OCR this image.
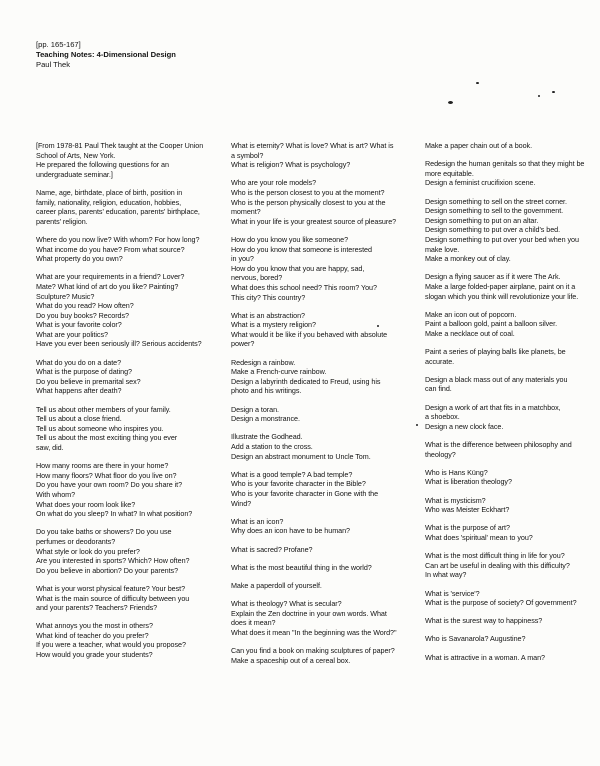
[pp. 165-167]
Teaching Notes: 4-Dimensional Design
Paul Thek
[From 1978-81 Paul Thek taught at the Cooper Union
School of Arts, New York.
He prepared the following questions for an
undergraduate seminar.]
Name, age, birthdate, place of birth, position in
family, nationality, religion, education, hobbies,
career plans, parents' education, parents' birthplace,
parents' religion.
Where do you now live? With whom? For how long?
What income do you have? From what source?
What property do you own?
What are your requirements in a friend? Lover?
Mate? What kind of art do you like? Painting?
Sculpture? Music?
What do you read? How often?
Do you buy books? Records?
What is your favorite color?
What are your politics?
Have you ever been seriously ill? Serious accidents?
What do you do on a date?
What is the purpose of dating?
Do you believe in premarital sex?
What happens after death?
Tell us about other members of your family.
Tell us about a close friend.
Tell us about someone who inspires you.
Tell us about the most exciting thing you ever
saw, did.
How many rooms are there in your home?
How many floors? What floor do you live on?
Do you have your own room? Do you share it?
With whom?
What does your room look like?
On what do you sleep? In what? In what position?
Do you take baths or showers? Do you use
perfumes or deodorants?
What style or look do you prefer?
Are you interested in sports? Which? How often?
Do you believe in abortion? Do your parents?
What is your worst physical feature? Your best?
What is the main source of difficulty between you
and your parents? Teachers? Friends?
What annoys you the most in others?
What kind of teacher do you prefer?
If you were a teacher, what would you propose?
How would you grade your students?
What is eternity? What is love? What is art? What is
a symbol?
What is religion? What is psychology?
Who are your role models?
Who is the person closest to you at the moment?
Who is the person physically closest to you at the
moment?
What in your life is your greatest source of pleasure?
How do you know you like someone?
How do you know that someone is interested
in you?
How do you know that you are happy, sad,
nervous, bored?
What does this school need? This room? You?
This city? This country?
What is an abstraction?
What is a mystery religion?
What would it be like if you behaved with absolute
power?
Redesign a rainbow.
Make a French-curve rainbow.
Design a labyrinth dedicated to Freud, using his
photo and his writings.
Design a toran.
Design a monstrance.
Illustrate the Godhead.
Add a station to the cross.
Design an abstract monument to Uncle Tom.
What is a good temple? A bad temple?
Who is your favorite character in the Bible?
Who is your favorite character in Gone with the
Wind?
What is an icon?
Why does an icon have to be human?
What is sacred? Profane?
What is the most beautiful thing in the world?
Make a paperdoll of yourself.
What is theology? What is secular?
Explain the Zen doctrine in your own words. What
does it mean?
What does it mean "In the beginning was the Word?"
Can you find a book on making sculptures of paper?
Make a spaceship out of a cereal box.
Make a paper chain out of a book.
Redesign the human genitals so that they might be
more equitable.
Design a feminist crucifixion scene.
Design something to sell on the street corner.
Design something to sell to the government.
Design something to put on an altar.
Design something to put over a child's bed.
Design something to put over your bed when you
make love.
Make a monkey out of clay.
Design a flying saucer as if it were The Ark.
Make a large folded-paper airplane, paint on it a
slogan which you think will revolutionize your life.
Make an icon out of popcorn.
Paint a balloon gold, paint a balloon silver.
Make a necklace out of coal.
Paint a series of playing balls like planets, be
accurate.
Design a black mass out of any materials you
can find.
Design a work of art that fits in a matchbox,
a shoebox.
Design a new clock face.
What is the difference between philosophy and
theology?
Who is Hans Küng?
What is liberation theology?
What is mysticism?
Who was Meister Eckhart?
What is the purpose of art?
What does 'spiritual' mean to you?
What is the most difficult thing in life for you?
Can art be useful in dealing with this difficulty?
In what way?
What is 'service'?
What is the purpose of society? Of government?
What is the surest way to happiness?
Who is Savanarola? Augustine?
What is attractive in a woman. A man?
